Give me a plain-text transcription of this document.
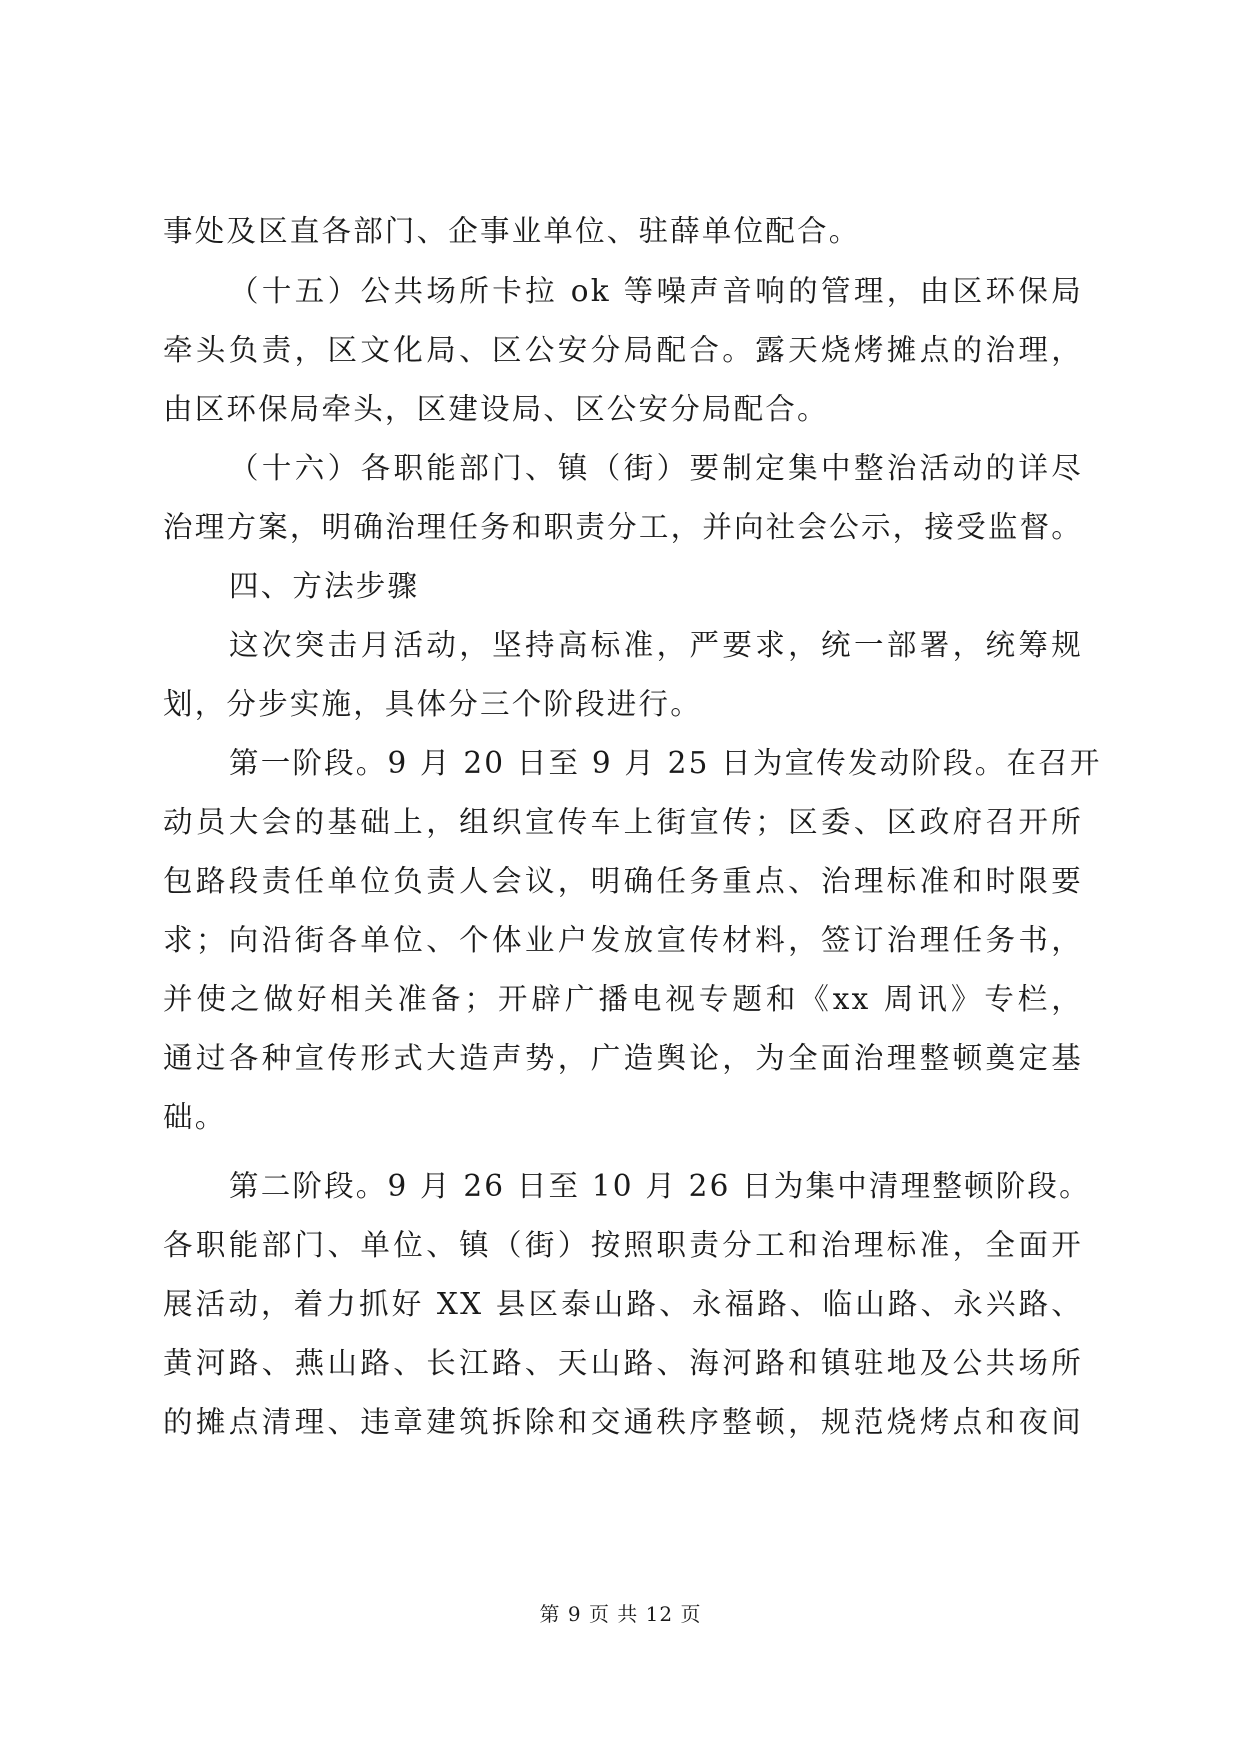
事处及区直各部门、企事业单位、驻薛单位配合。
（十五）公共场所卡拉 ok 等噪声音响的管理，由区环保局
牵头负责，区文化局、区公安分局配合。露天烧烤摊点的治理，
由区环保局牵头，区建设局、区公安分局配合。
（十六）各职能部门、镇（街）要制定集中整治活动的详尽
治理方案，明确治理任务和职责分工，并向社会公示，接受监督。
四、方法步骤
这次突击月活动，坚持高标准，严要求，统一部署，统筹规
划，分步实施，具体分三个阶段进行。
第一阶段。9 月 20 日至 9 月 25 日为宣传发动阶段。在召开
动员大会的基础上，组织宣传车上街宣传；区委、区政府召开所
包路段责任单位负责人会议，明确任务重点、治理标准和时限要
求；向沿街各单位、个体业户发放宣传材料，签订治理任务书，
并使之做好相关准备；开辟广播电视专题和《xx 周讯》专栏，
通过各种宣传形式大造声势，广造舆论，为全面治理整顿奠定基
础。
第二阶段。9 月 26 日至 10 月 26 日为集中清理整顿阶段。
各职能部门、单位、镇（街）按照职责分工和治理标准，全面开
展活动，着力抓好 XX 县区泰山路、永福路、临山路、永兴路、
黄河路、燕山路、长江路、天山路、海河路和镇驻地及公共场所
的摊点清理、违章建筑拆除和交通秩序整顿，规范烧烤点和夜间
第 9 页 共 12 页
